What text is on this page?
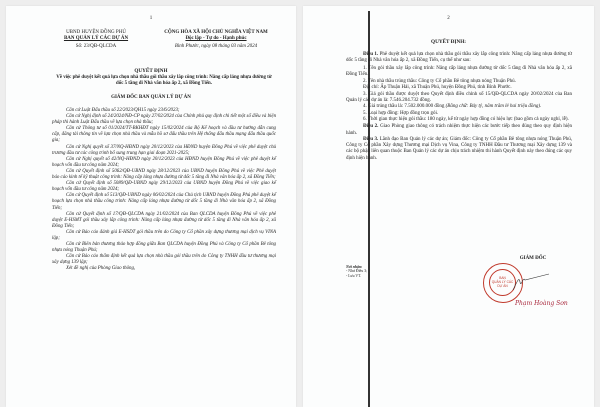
1
UBND HUYỆN ĐỒNG PHÚ
BAN QUẢN LÝ CÁC DỰ ÁN
Số: 23/QĐ-QLCDA
CỘNG HÒA XÃ HỘI CHỦ NGHĨA VIỆT NAM
Độc lập - Tự do - Hạnh phúc
Bình Phước, ngày 08 tháng 03 năm 2024
QUYẾT ĐỊNH
Về việc phê duyệt kết quả lựa chọn nhà thầu gói thầu xây lắp công trình: Nâng cấp láng nhựa đường từ dốc 5 tầng đi Nhà văn hóa ấp 2, xã Đồng Tiến.
GIÁM ĐỐC BAN QUẢN LÝ DỰ ÁN

Căn cứ Luật Đấu thầu số 22/2023/QH15 ngày 23/6/2023;

Căn cứ Nghị định số 24/2024/NĐ-CP ngày 27/02/2024 của Chính phủ quy định chi tiết một số điều và biện pháp thi hành Luật Đấu thầu về lựa chọn nhà thầu;

Căn cứ Thông tư số 01/2024/TT-BKHĐT ngày 15/02/2024 của Bộ Kế hoạch và đầu tư hướng dẫn cung cấp, đăng tải thông tin về lựa chọn nhà thầu và mẫu hồ sơ đấu thầu trên Hệ thống đấu thầu mạng đấu thầu quốc gia;

Căn cứ Nghị quyết số 37/NQ-HĐND ngày 20/12/2023 của HĐND huyện Đồng Phú về việc phê duyệt chủ trương đầu tư các công trình bổ sung trung hạn giai đoạn 2021-2025;

Căn cứ Nghị quyết số 42/NQ-HĐND ngày 20/12/2023 của HĐND huyện Đồng Phú về việc phê duyệt kế hoạch vốn đầu tư công năm 2024;

Căn cứ Quyết định số 5062/QĐ-UBND ngày 28/12/2023 của UBND huyện Đồng Phú về việc Phê duyệt báo cáo kinh tế kỹ thuật công trình: Nâng cấp láng nhựa đường từ dốc 5 tầng đi Nhà văn hóa ấp 2, xã Đồng Tiến;

Căn cứ Quyết định số 5089/QĐ-UBND ngày 29/12/2023 của UBND huyện Đồng Phú về việc giao kế hoạch vốn đầu tư công năm 2024;

Căn cứ Quyết định số 513/QĐ-UBND ngày 06/02/2024 của Chủ tịch UBND huyện Đồng Phú phê duyệt kế hoạch lựa chọn nhà thầu công trình: Nâng cấp láng nhựa đường từ dốc 5 tầng đi Nhà văn hóa ấp 2, xã Đồng Tiến;

Căn cứ Quyết định số 17/QĐ-QLCDA ngày 21/02/2024 của Ban QLCDA huyện Đồng Phú về việc phê duyệt E-HSMT gói thầu xây lắp công trình: Nâng cấp láng nhựa đường từ dốc 5 tầng đi Nhà văn hóa ấp 2, xã Đồng Tiến;

Căn cứ Báo cáo đánh giá E-HSDT gói thầu trên do Công ty Cổ phần xây dựng thương mại dịch vụ VINA lập;

Căn cứ Biên bản thương thảo hợp đồng giữa Ban QLCDA huyện Đồng Phú và Công ty Cổ phần Bê tông nhựa nóng Thuận Phú;

Căn cứ Báo cáo thẩm định kết quả lựa chọn nhà thầu gói thầu trên do Công ty TNHH đầu tư thương mại xây dựng 139 lập;

Xét đề nghị của Phòng Giao thông,

2
QUYẾT ĐỊNH:

Điều 1. Phê duyệt kết quả lựa chọn nhà thầu gói thầu xây lắp công trình: Nâng cấp láng nhựa đường từ dốc 5 tầng đi Nhà văn hóa ấp 2, xã Đồng Tiến, cụ thể như sau:

1. Tên gói thầu xây lắp công trình: Nâng cấp láng nhựa đường từ dốc 5 tầng đi Nhà văn hóa ấp 2, xã Đồng Tiến.

2. Tên nhà thầu trúng thầu: Công ty Cổ phần Bê tông nhựa nóng Thuận Phú.

Địa chỉ: Ấp Thuận Hải, xã Thuận Phú, huyện Đồng Phú, tỉnh Bình Phước.

3. Giá gói thầu được duyệt theo Quyết định điều chỉnh số 15/QĐ-QLCDA ngày 20/02/2024 của Ban Quản lý các dự án là: 7.546.204.732 đồng.

4. Giá trúng thầu là: 7.502.000.000 đồng (Bằng chữ: Bảy tỷ, năm trăm lẻ hai triệu đồng).

5. Loại hợp đồng: Hợp đồng trọn gói.

6. Thời gian thực hiện gói thầu: 180 ngày, kể từ ngày hợp đồng có hiệu lực (bao gồm cả ngày nghỉ, lễ).

Điều 2. Giao Phòng giao thông có trách nhiệm thực hiện các bước tiếp theo đúng theo quy định hiện hành.

Điều 3. Lãnh đạo Ban Quản lý các dự án; Giám đốc: Công ty Cổ phần Bê tông nhựa nóng Thuận Phú, Công ty Cổ phần Xây dựng Thương mại Dịch vụ Vina, Công ty TNHH Đầu tư Thương mại Xây dựng 139 và các bộ phận liên quan thuộc Ban Quản lý các dự án chịu trách nhiệm thi hành Quyết định này theo đúng các quy định hiện hành.

Nơi nhận:
- Như Điều 3;
- Lưu VT.
GIÁM ĐỐC
BAN
QUẢN LÝ CÁC
DỰ ÁN
Phạm Hoàng Sơn
